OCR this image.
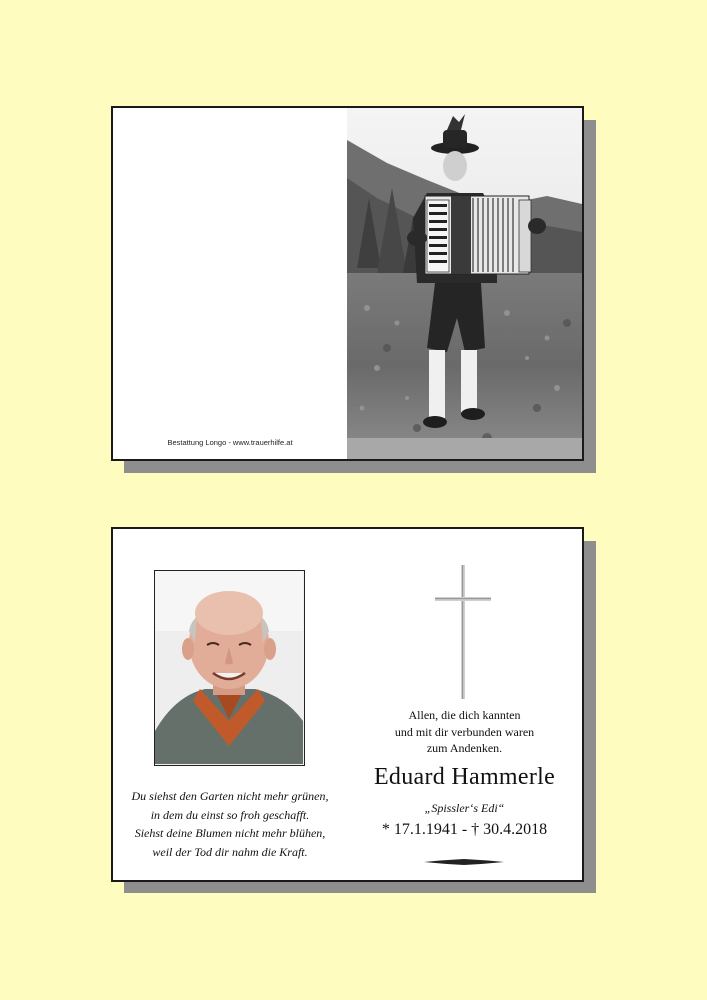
Bestattung Longo - www.trauerhilfe.at
Du siehst den Garten nicht mehr grünen,
in dem du einst so froh geschafft.
Siehst deine Blumen nicht mehr blühen,
weil der Tod dir nahm die Kraft.
Allen, die dich kannten
und mit dir verbunden waren
zum Andenken.
Eduard Hammerle
„Spissler‘s Edi“
* 17.1.1941 - † 30.4.2018
